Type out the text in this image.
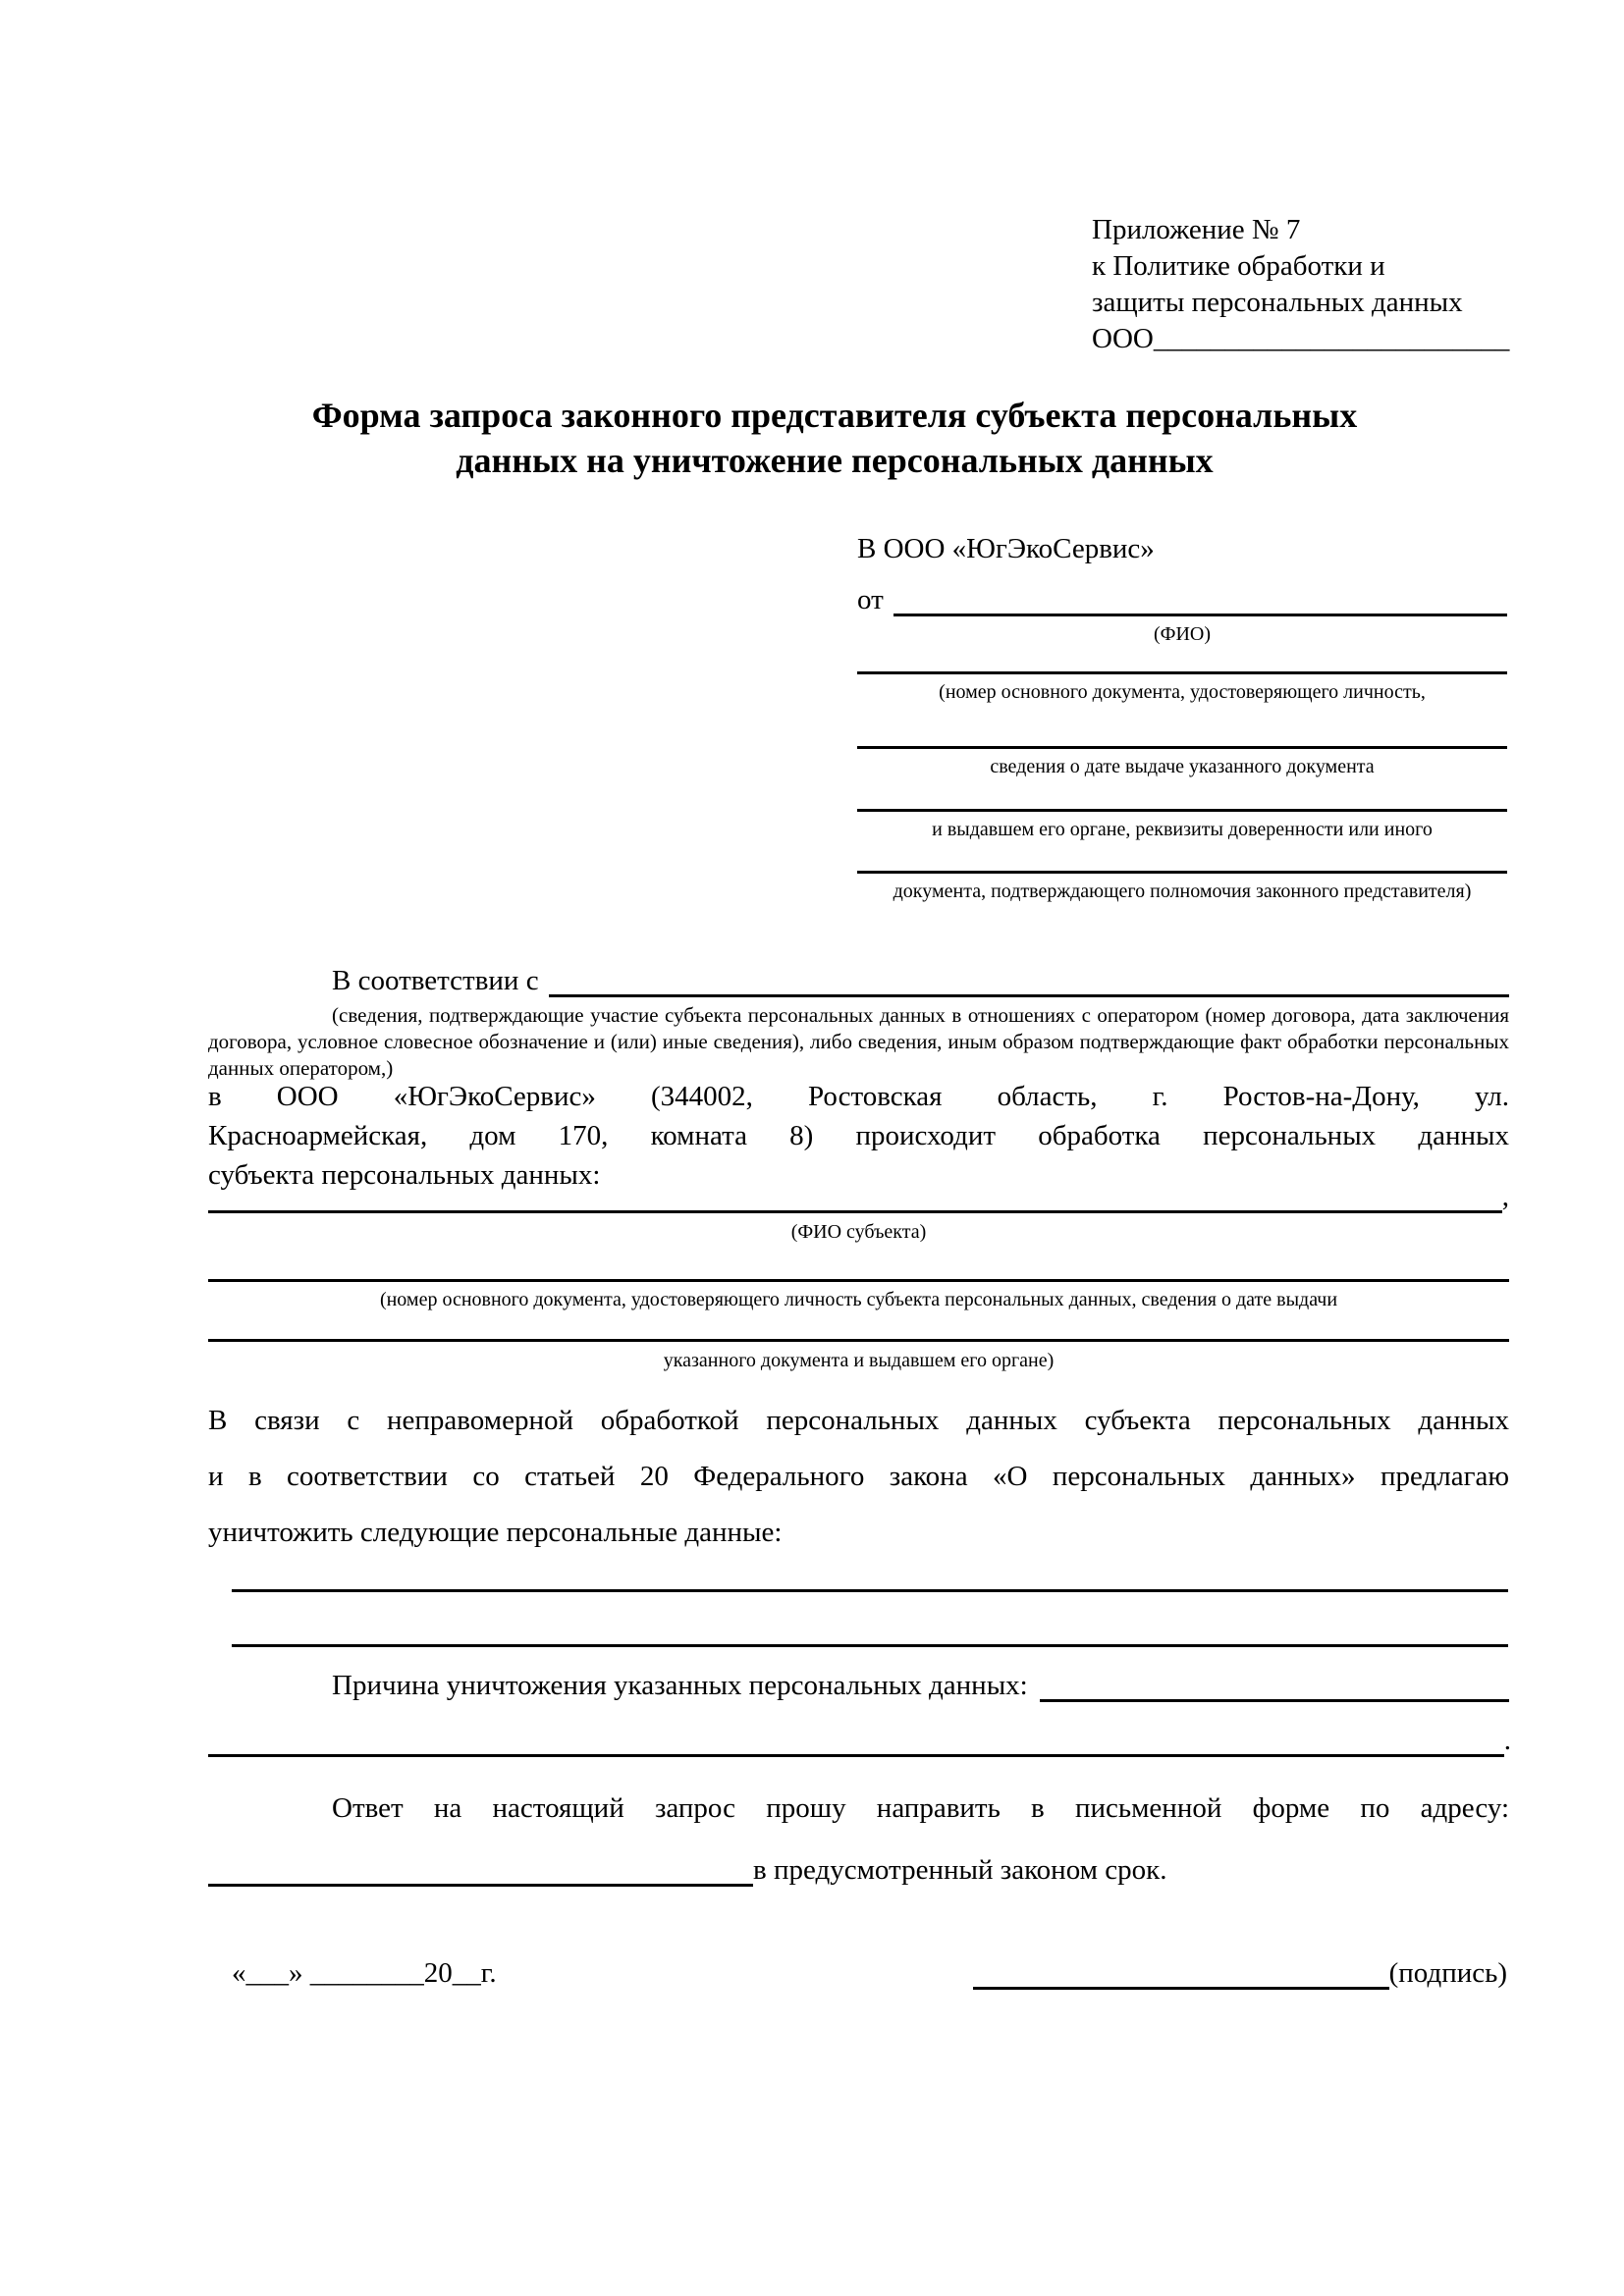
Приложение № 7
к Политике обработки и
защиты персональных данных
ООО_________________________
Форма запроса законного представителя субъекта персональных
данных на уничтожение персональных данных
В ООО «ЮгЭкоСервис»
от
(ФИО)
(номер основного документа, удостоверяющего личность,
сведения о дате выдаче указанного документа
и выдавшем его органе, реквизиты доверенности или иного
документа, подтверждающего полномочия законного представителя)
В соответствии с
(сведения, подтверждающие участие субъекта персональных данных в отношениях с оператором (номер договора, дата заключения договора, условное словесное обозначение и (или) иные сведения), либо сведения, иным образом подтверждающие факт обработки персональных данных оператором,)
в ООО «ЮгЭкоСервис» (344002, Ростовская область, г. Ростов-на-Дону, ул.
Красноармейская, дом 170, комната 8) происходит обработка персональных данных
субъекта персональных данных:
,
(ФИО субъекта)
(номер основного документа, удостоверяющего личность субъекта персональных данных, сведения о дате выдачи
указанного документа и выдавшем его органе)
В связи с неправомерной обработкой персональных данных субъекта персональных данных
и в соответствии со статьей 20 Федерального закона «О персональных данных» предлагаю
уничтожить следующие персональные данные:
Причина уничтожения указанных персональных данных:
.
Ответ на настоящий запрос прошу направить в письменной форме по адресу:
в предусмотренный законом срок.
«___» ________20__г.	(подпись)
